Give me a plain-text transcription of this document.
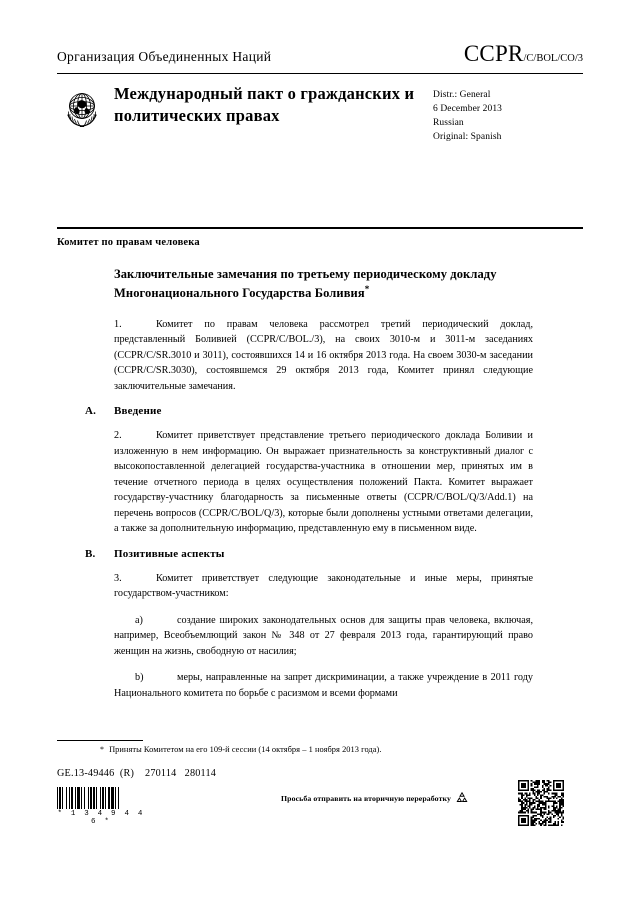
Организация Объединенных Наций	CCPR /C/BOL/CO/3
Международный пакт о гражданских и политических правах
Distr.: General
6 December 2013
Russian
Original: Spanish
Комитет по правам человека
Заключительные замечания по третьему периодическому докладу Многонационального Государства Боливия*

1.	Комитет по правам человека рассмотрел третий периодический доклад, представленный Боливией (CCPR/C/BOL./3), на своих 3010-м и 3011-м заседаниях (CCPR/C/SR.3010 и 3011), состоявшихся 14 и 16 октября 2013 года. На своем 3030-м заседании (CCPR/C/SR.3030), состоявшемся 29 октября 2013 года, Комитет принял следующие заключительные замечания.

A. Введение

2.	Комитет приветствует представление третьего периодического доклада Боливии и изложенную в нем информацию. Он выражает признательность за конструктивный диалог с высокопоставленной делегацией государства-участника в отношении мер, принятых им в течение отчетного периода в целях осуществления положений Пакта. Комитет выражает государству-участнику благодарность за письменные ответы (CCPR/C/BOL/Q/3/Add.1) на перечень вопросов (CCPR/C/BOL/Q/3), которые были дополнены устными ответами делегации, а также за дополнительную информацию, представленную ему в письменном виде.

B. Позитивные аспекты

3.	Комитет приветствует следующие законодательные и иные меры, принятые государством-участником:

a)	создание широких законодательных основ для защиты прав человека, включая, например, Всеобъемлющий закон № 348 от 27 февраля 2013 года, гарантирующий право женщин на жизнь, свободную от насилия;

b)	меры, направленные на запрет дискриминации, а также учреждение в 2011 году Национального комитета по борьбе с расизмом и всеми формами

* Приняты Комитетом на его 109-й сессии (14 октября – 1 ноября 2013 года).
GE.13-49446  (R)    270114   280114
* 1 3 4 9 4 4 6 *
Просьба отправить на вторичную переработку
